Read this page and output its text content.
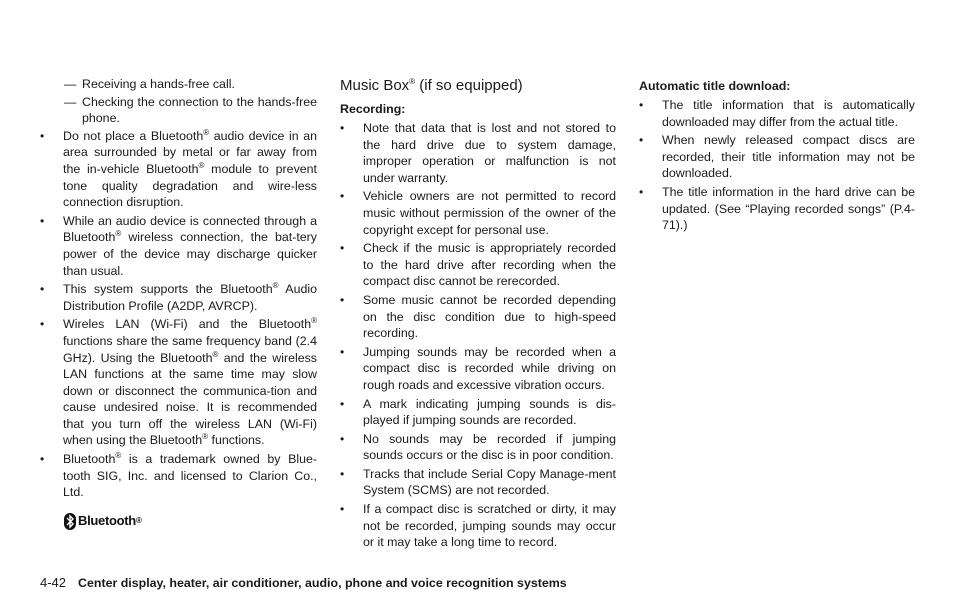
— Receiving a hands-free call.
— Checking the connection to the hands-free phone.
• Do not place a Bluetooth® audio device in an area surrounded by metal or far away from the in-vehicle Bluetooth® module to prevent tone quality degradation and wire-less connection disruption.
• While an audio device is connected through a Bluetooth® wireless connection, the bat-tery power of the device may discharge quicker than usual.
• This system supports the Bluetooth® Audio Distribution Profile (A2DP, AVRCP).
• Wireles LAN (Wi-Fi) and the Bluetooth® functions share the same frequency band (2.4 GHz). Using the Bluetooth® and the wireless LAN functions at the same time may slow down or disconnect the communica-tion and cause undesired noise. It is recommended that you turn off the wireless LAN (Wi-Fi) when using the Bluetooth® functions.
• Bluetooth® is a trademark owned by Blue-tooth SIG, Inc. and licensed to Clarion Co., Ltd.
Bluetooth ®
Music Box® (if so equipped)
Recording:
• Note that data that is lost and not stored to the hard drive due to system damage, improper operation or malfunction is not under warranty.
• Vehicle owners are not permitted to record music without permission of the owner of the copyright except for personal use.
• Check if the music is appropriately recorded to the hard drive after recording when the compact disc cannot be rerecorded.
• Some music cannot be recorded depending on the disc condition due to high-speed recording.
• Jumping sounds may be recorded when a compact disc is recorded while driving on rough roads and excessive vibration occurs.
• A mark indicating jumping sounds is dis-played if jumping sounds are recorded.
• No sounds may be recorded if jumping sounds occurs or the disc is in poor condition.
• Tracks that include Serial Copy Manage-ment System (SCMS) are not recorded.
• If a compact disc is scratched or dirty, it may not be recorded, jumping sounds may occur or it may take a long time to record.
Automatic title download:
• The title information that is automatically downloaded may differ from the actual title.
• When newly released compact discs are recorded, their title information may not be downloaded.
• The title information in the hard drive can be updated. (See “Playing recorded songs” (P.4-71).)
4-42 Center display, heater, air conditioner, audio, phone and voice recognition systems
